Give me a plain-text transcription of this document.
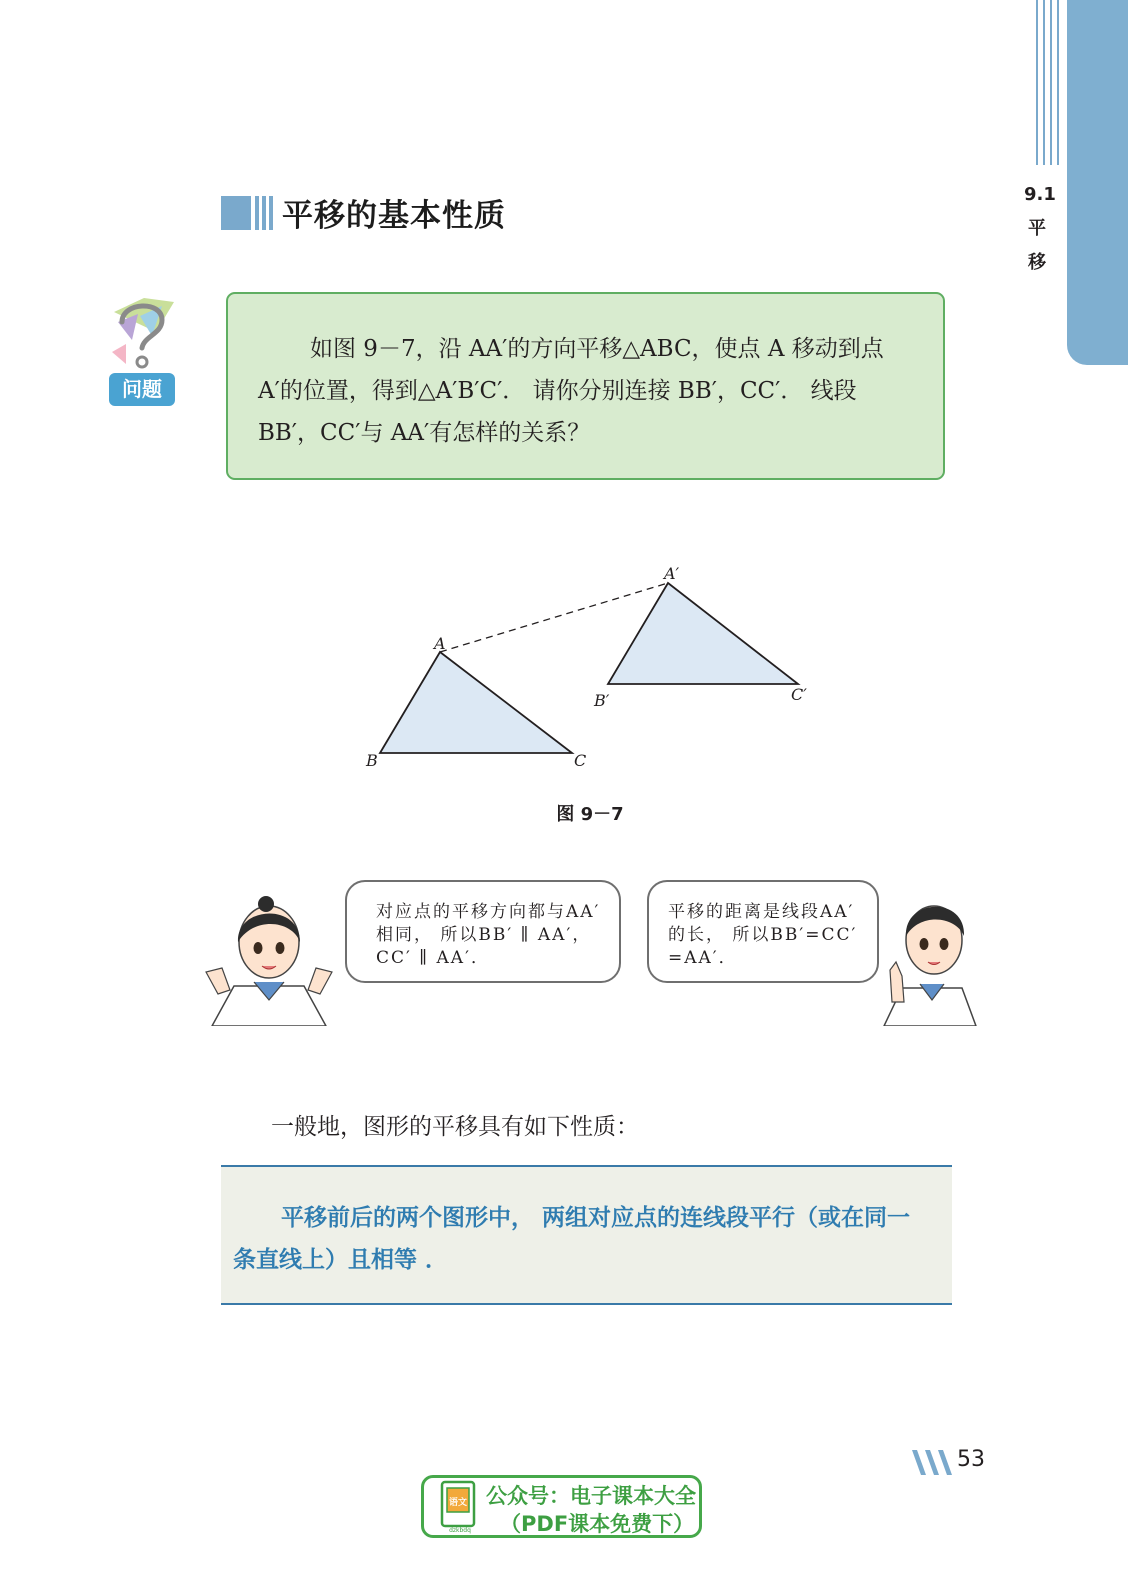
9.1
平
移
平移的基本性质
问题

如图 9－7，沿 AA′的方向平移△ABC，使点 A 移动到点

A′的位置，得到△A′B′C′． 请你分别连接 BB′，CC′． 线段

BB′，CC′与 AA′有怎样的关系？

A
B	C
A′
B′	C′
图 9－7
对应点的平移方向都与AA′
相同， 所以BB′ ∥ AA′，
CC′ ∥ AA′．
平移的距离是线段AA′
的长， 所以BB′=CC′
=AA′．
一般地，图形的平移具有如下性质：
平移前后的两个图形中， 两组对应点的连线段平行（或在同一
条直线上）且相等 ．
53
语文
dzkbdq
公众号：电子课本大全
（PDF课本免费下）
